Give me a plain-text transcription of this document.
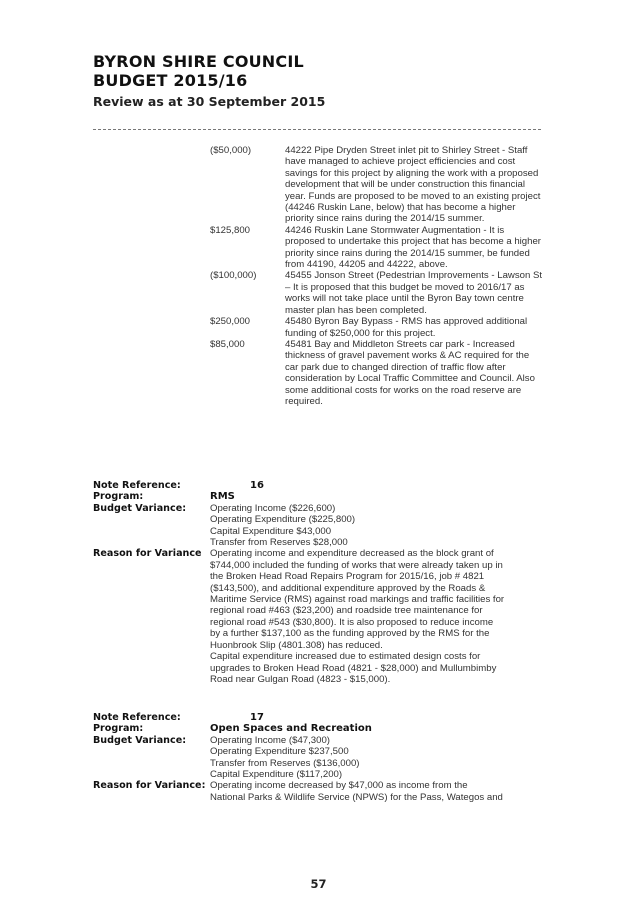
BYRON SHIRE COUNCIL
BUDGET 2015/16
Review as at 30 September 2015
($50,000)	44222 Pipe Dryden Street inlet pit to Shirley Street - Staff have managed to achieve project efficiencies and cost savings for this project by aligning the work with a proposed development that will be under construction this financial year. Funds are proposed to be moved to an existing project (44246 Ruskin Lane, below) that has become a higher priority since rains during the 2014/15 summer.
$125,800	44246 Ruskin Lane Stormwater Augmentation - It is proposed to undertake this project that has become a higher priority since rains during the 2014/15 summer, be funded from 44190, 44205 and 44222, above.
($100,000)	45455 Jonson Street (Pedestrian Improvements - Lawson St – It is proposed that this budget be moved to 2016/17 as works will not take place until the Byron Bay town centre master plan has been completed.
$250,000	45480 Byron Bay Bypass - RMS has approved additional funding of $250,000 for this project.
$85,000	45481 Bay and Middleton Streets car park - Increased thickness of gravel pavement works & AC required for the car park due to changed direction of traffic flow after consideration by Local Traffic Committee and Council. Also some additional costs for works on the road reserve are required.
Note Reference:	16
Program:	RMS
Budget Variance:	Operating Income ($226,600)
Operating Expenditure ($225,800)
Capital Expenditure $43,000
Transfer from Reserves $28,000
Reason for Variance Operating income and expenditure decreased as the block grant of
$744,000 included the funding of works that were already taken up in
the Broken Head Road Repairs Program for 2015/16, job # 4821
($143,500), and additional expenditure approved by the Roads &
Maritime Service (RMS) against road markings and traffic facilities for
regional road #463 ($23,200) and roadside tree maintenance for
regional road #543 ($30,800). It is also proposed to reduce income
by a further $137,100 as the funding approved by the RMS for the
Huonbrook Slip (4801.308) has reduced.
Capital expenditure increased due to estimated design costs for
upgrades to Broken Head Road (4821 - $28,000) and Mullumbimby
Road near Gulgan Road (4823 - $15,000).
Note Reference:	17
Program:	Open Spaces and Recreation
Budget Variance:	Operating Income ($47,300)
Operating Expenditure $237,500
Transfer from Reserves ($136,000)
Capital Expenditure ($117,200)
Reason for Variance: Operating income decreased by $47,000 as income from the
National Parks & Wildlife Service (NPWS) for the Pass, Wategos and
57
